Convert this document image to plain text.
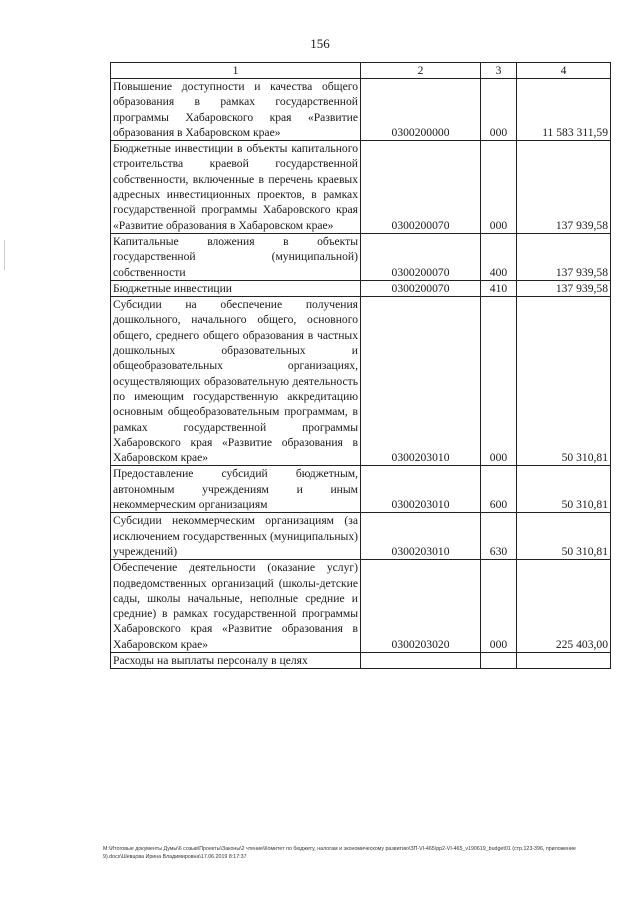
156
1	2	3	4
Повышение доступности и качества общего образования в рамках государственной программы Хабаровского края «Развитие образования в Хабаровском крае»	0300200000	000	11 583 311,59
Бюджетные инвестиции в объекты капитального строительства краевой государственной собственности, включенные в перечень краевых адресных инвестиционных проектов, в рамках государственной программы Хабаровского края «Развитие образования в Хабаровском крае»	0300200070	000	137 939,58
Капитальные вложения в объекты государственной (муниципальной) собственности	0300200070	400	137 939,58
Бюджетные инвестиции	0300200070	410	137 939,58
Субсидии на обеспечение получения дошкольного, начального общего, основного общего, среднего общего образования в частных дошкольных образовательных и общеобразовательных организациях, осуществляющих образовательную деятельность по имеющим государственную аккредитацию основным общеобразовательным программам, в рамках государственной программы Хабаровского края «Развитие образования в Хабаровском крае»	0300203010	000	50 310,81
Предоставление субсидий бюджетным, автономным учреждениям и иным некоммерческим организациям	0300203010	600	50 310,81
Субсидии некоммерческим организациям (за исключением государственных (муниципальных) учреждений)	0300203010	630	50 310,81
Обеспечение деятельности (оказание услуг) подведомственных организаций (школы-детские сады, школы начальные, неполные средние и средние) в рамках государственной программы Хабаровского края «Развитие образования в Хабаровском крае»	0300203020	000	225 403,00
Расходы на выплаты персоналу в целях			
М:\Итоговые документы Думы\6 созыв\Проекты\Законы\2 чтение\Комитет по бюджету, налогам и экономическому развитию\ЗП-VI-465\рр2-VI-465_v190619_budget01 (стр.123-396, приложение 9).docx\Шевцова Ирина Владимировна\17.06.2019 8:17:37
